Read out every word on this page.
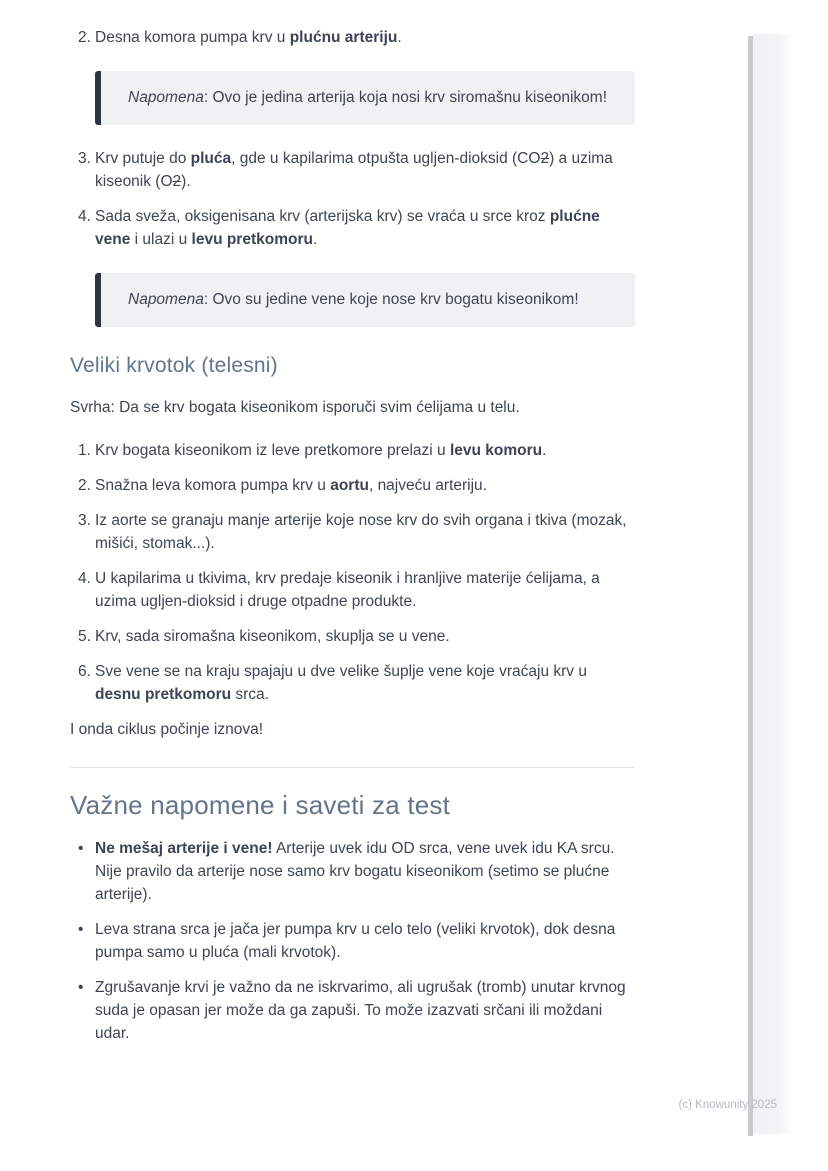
2. Desna komora pumpa krv u plućnu arteriju.

Napomena: Ovo je jedina arterija koja nosi krv siromašnu kiseonikom!

3. Krv putuje do pluća, gde u kapilarima otpušta ugljen-dioksid (CO2) a uzima kiseonik (O2).
4. Sada sveža, oksigenisana krv (arterijska krv) se vraća u srce kroz plućne vene i ulazi u levu pretkomoru.

Napomena: Ovo su jedine vene koje nose krv bogatu kiseonikom!

Veliki krvotok (telesni)

Svrha: Da se krv bogata kiseonikom isporuči svim ćelijama u telu.

1. Krv bogata kiseonikom iz leve pretkomore prelazi u levu komoru.
2. Snažna leva komora pumpa krv u aortu, najveću arteriju.
3. Iz aorte se granaju manje arterije koje nose krv do svih organa i tkiva (mozak, mišići, stomak...).
4. U kapilarima u tkivima, krv predaje kiseonik i hranljive materije ćelijama, a uzima ugljen-dioksid i druge otpadne produkte.
5. Krv, sada siromašna kiseonikom, skuplja se u vene.
6. Sve vene se na kraju spajaju u dve velike šuplje vene koje vraćaju krv u desnu pretkomoru srca.

I onda ciklus počinje iznova!

Važne napomene i saveti za test
• Ne mešaj arterije i vene! Arterije uvek idu OD srca, vene uvek idu KA srcu. Nije pravilo da arterije nose samo krv bogatu kiseonikom (setimo se plućne arterije).
• Leva strana srca je jača jer pumpa krv u celo telo (veliki krvotok), dok desna pumpa samo u pluća (mali krvotok).
• Zgrušavanje krvi je važno da ne iskrvarimo, ali ugrušak (tromb) unutar krvnog suda je opasan jer može da ga zapuši. To može izazvati srčani ili moždani udar.
(c) Knowunity 2025
